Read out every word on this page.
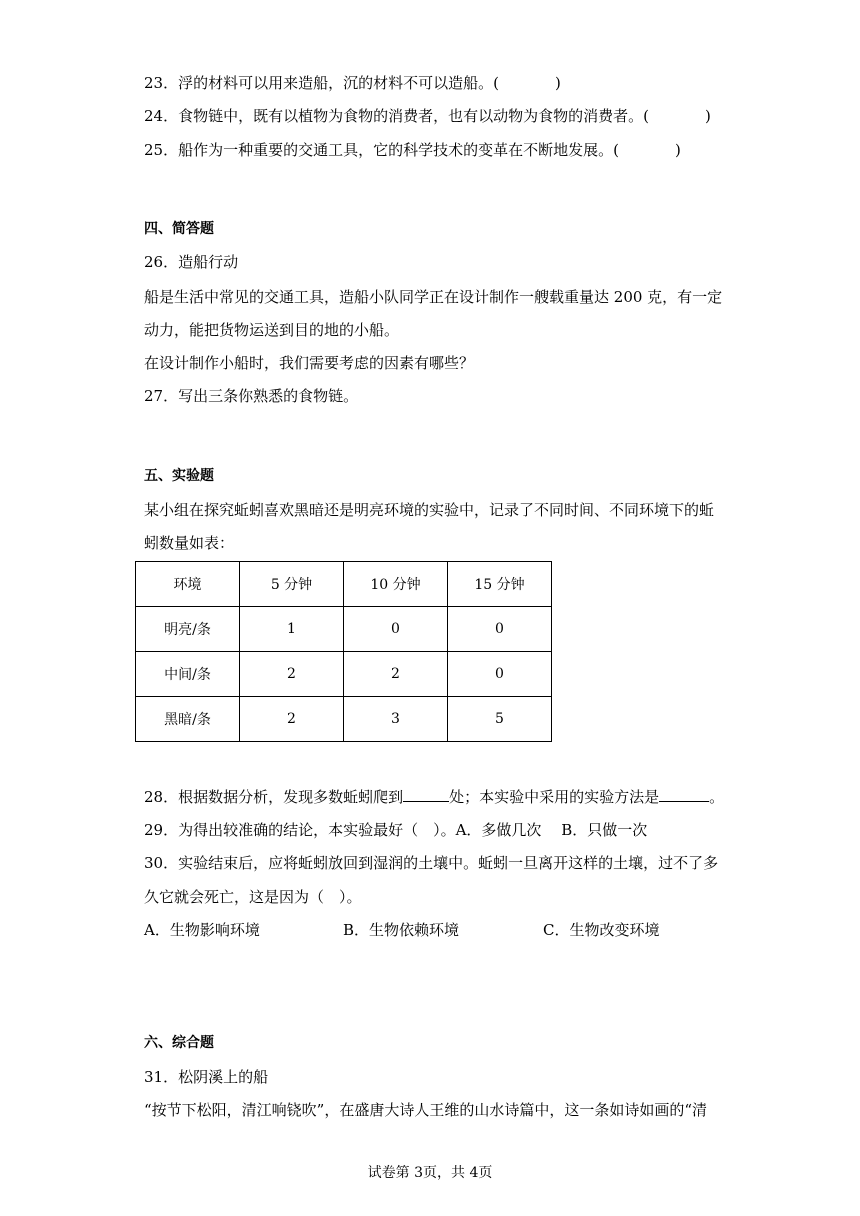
23．浮的材料可以用来造船，沉的材料不可以造船。(	)
24．食物链中，既有以植物为食物的消费者，也有以动物为食物的消费者。(	)
25．船作为一种重要的交通工具，它的科学技术的变革在不断地发展。(	)
四、简答题
26．造船行动
船是生活中常见的交通工具，造船小队同学正在设计制作一艘载重量达 200 克，有一定
动力，能把货物运送到目的地的小船。
在设计制作小船时，我们需要考虑的因素有哪些？
27．写出三条你熟悉的食物链。
五、实验题
某小组在探究蚯蚓喜欢黑暗还是明亮环境的实验中，记录了不同时间、不同环境下的蚯
蚓数量如表：
环境	5 分钟	10 分钟	15 分钟
明亮/条	1	0	0
中间/条	2	2	0
黑暗/条	2	3	5
28．根据数据分析，发现多数蚯蚓爬到	处；本实验中采用的实验方法是	。
29．为得出较准确的结论，本实验最好（　）。A．多做几次　 B．只做一次
30．实验结束后，应将蚯蚓放回到湿润的土壤中。蚯蚓一旦离开这样的土壤，过不了多
久它就会死亡，这是因为（　）。
A．生物影响环境	B．生物依赖环境	C．生物改变环境
六、综合题
31．松阴溪上的船
“按节下松阳，清江响铙吹”，在盛唐大诗人王维的山水诗篇中，这一条如诗如画的“清
试卷第 3页，共 4页
